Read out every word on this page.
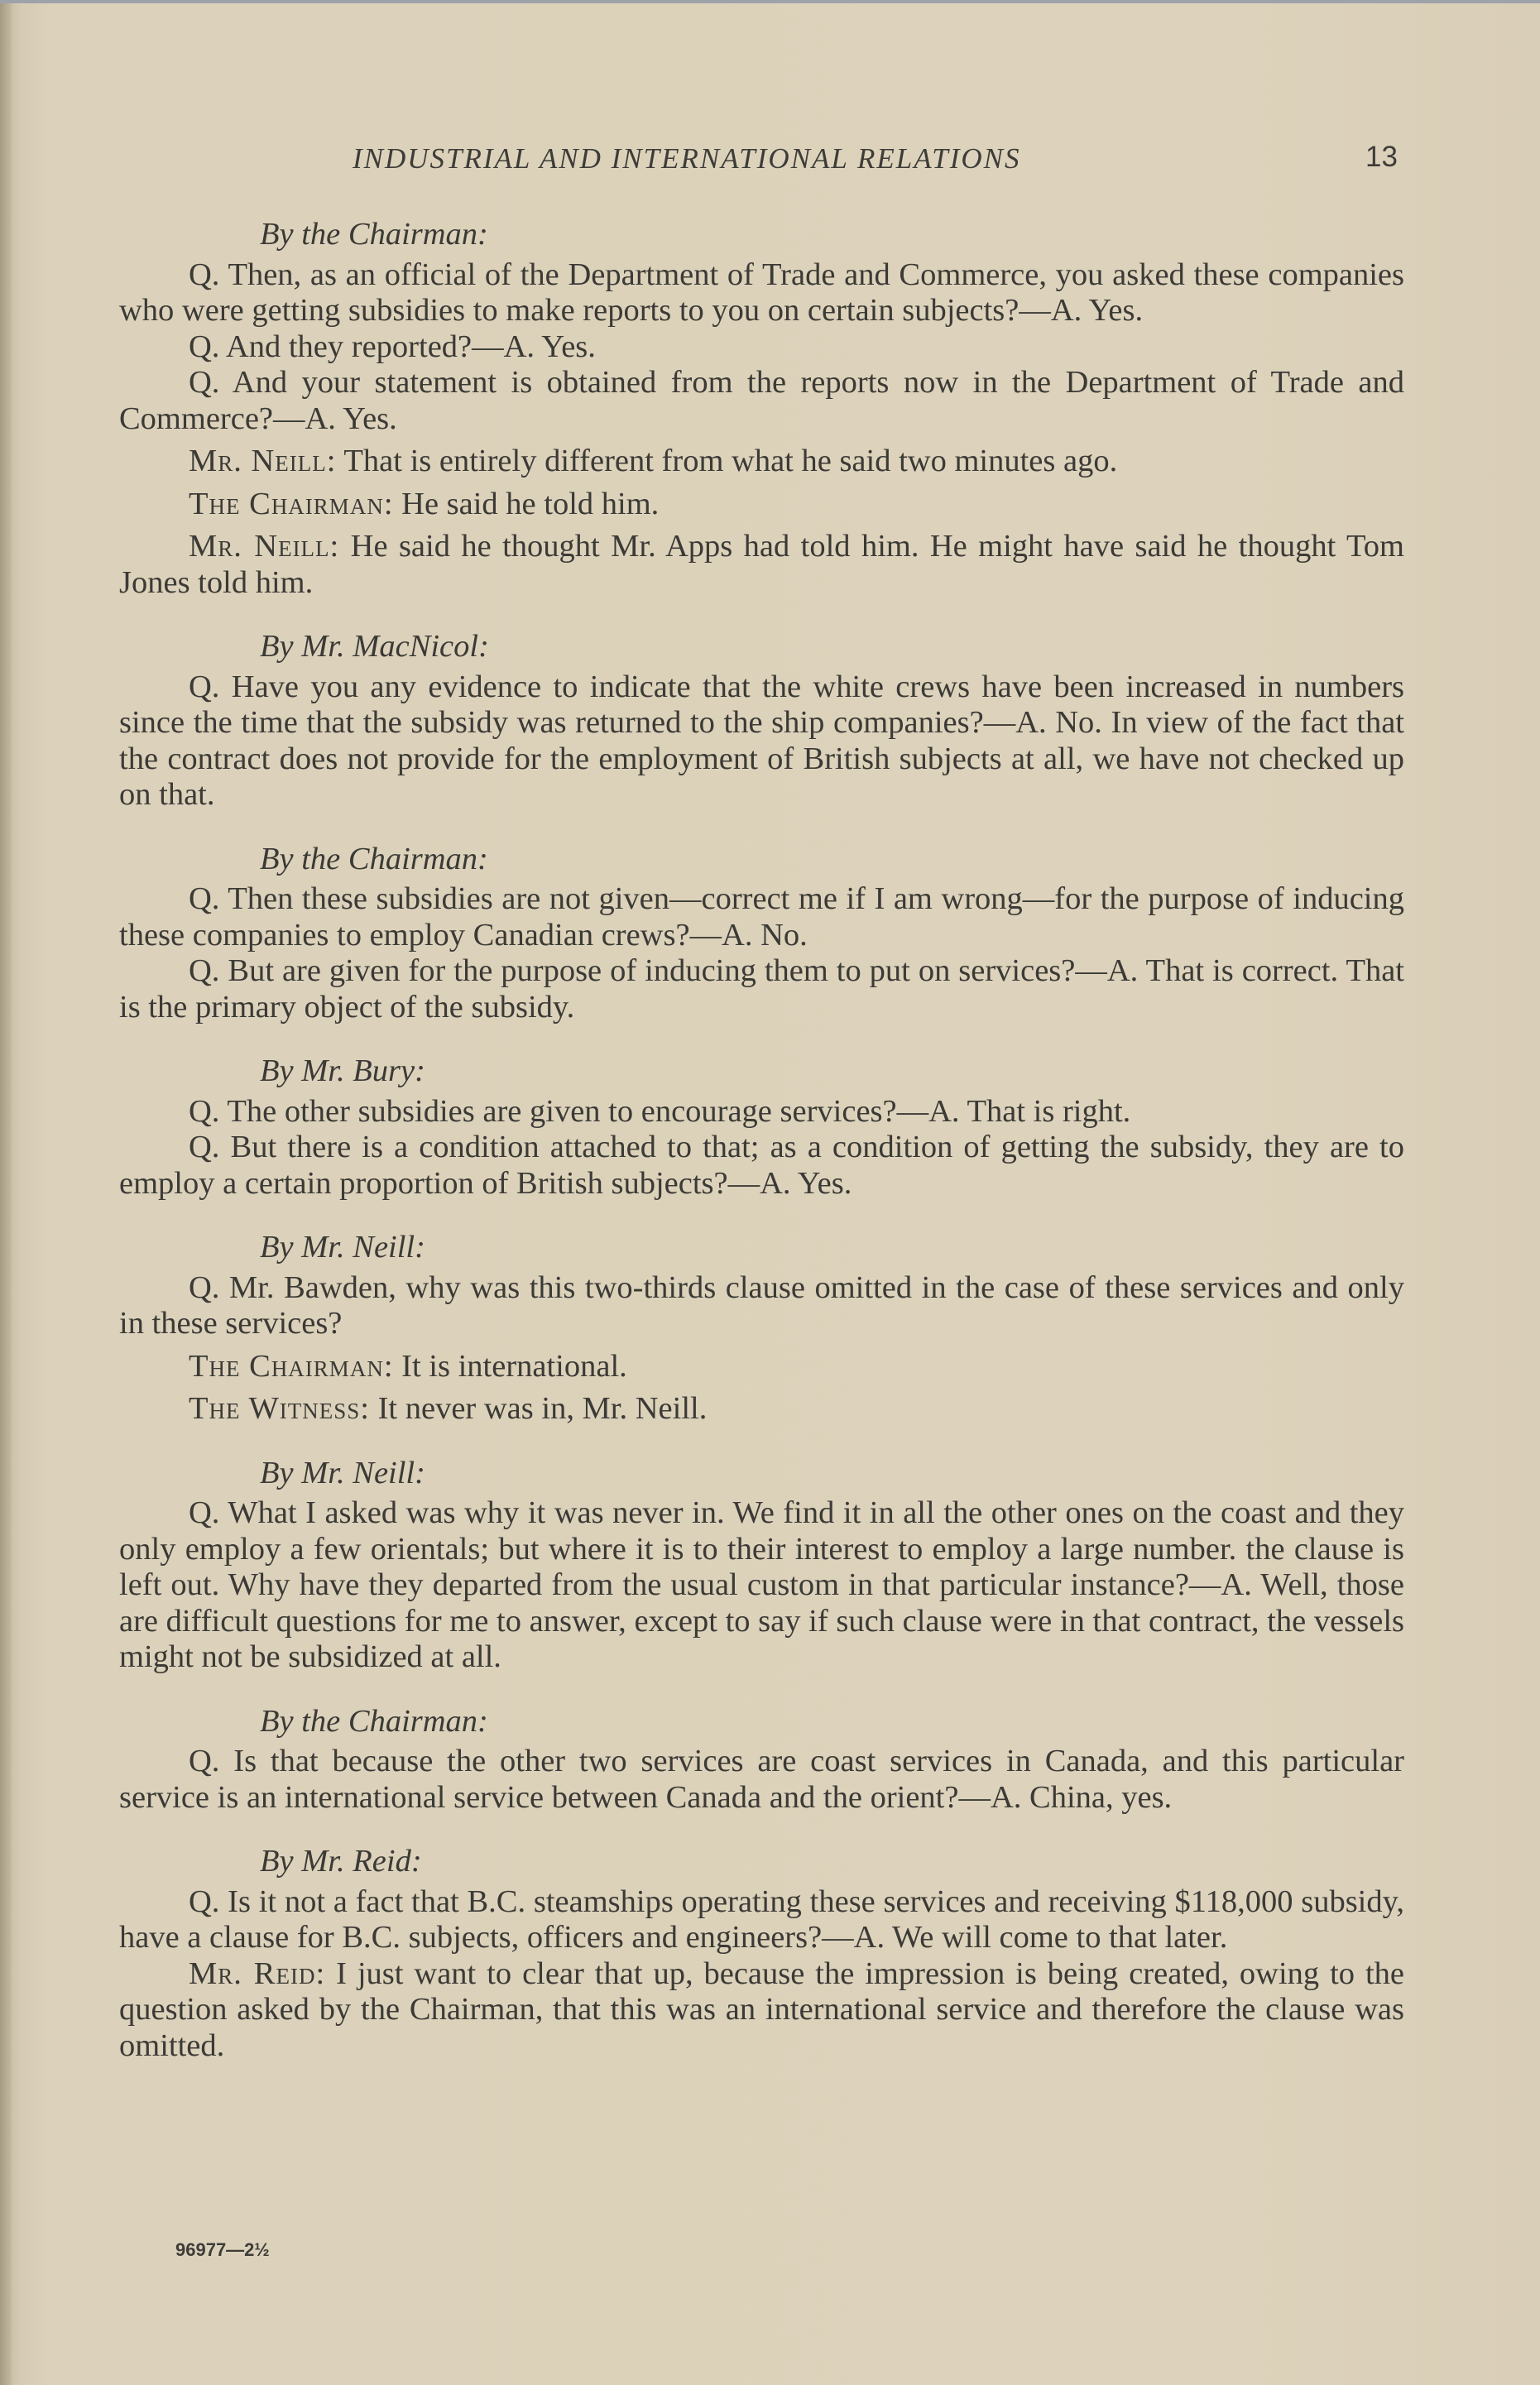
INDUSTRIAL AND INTERNATIONAL RELATIONS	13
By the Chairman:

Q. Then, as an official of the Department of Trade and Commerce, you asked these companies who were getting subsidies to make reports to you on certain subjects?—A. Yes.

Q. And they reported?—A. Yes.

Q. And your statement is obtained from the reports now in the Department of Trade and Commerce?—A. Yes.

Mr. Neill: That is entirely different from what he said two minutes ago.

The Chairman: He said he told him.

Mr. Neill: He said he thought Mr. Apps had told him. He might have said he thought Tom Jones told him.

By Mr. MacNicol:

Q. Have you any evidence to indicate that the white crews have been increased in numbers since the time that the subsidy was returned to the ship companies?—A. No. In view of the fact that the contract does not provide for the employment of British subjects at all, we have not checked up on that.

By the Chairman:

Q. Then these subsidies are not given—correct me if I am wrong—for the purpose of inducing these companies to employ Canadian crews?—A. No.

Q. But are given for the purpose of inducing them to put on services?—A. That is correct. That is the primary object of the subsidy.

By Mr. Bury:

Q. The other subsidies are given to encourage services?—A. That is right.

Q. But there is a condition attached to that; as a condition of getting the subsidy, they are to employ a certain proportion of British subjects?—A. Yes.

By Mr. Neill:

Q. Mr. Bawden, why was this two-thirds clause omitted in the case of these services and only in these services?

The Chairman: It is international.

The Witness: It never was in, Mr. Neill.

By Mr. Neill:

Q. What I asked was why it was never in. We find it in all the other ones on the coast and they only employ a few orientals; but where it is to their interest to employ a large number. the clause is left out. Why have they departed from the usual custom in that particular instance?—A. Well, those are difficult questions for me to answer, except to say if such clause were in that contract, the vessels might not be subsidized at all.

By the Chairman:

Q. Is that because the other two services are coast services in Canada, and this particular service is an international service between Canada and the orient?—A. China, yes.

By Mr. Reid:

Q. Is it not a fact that B.C. steamships operating these services and receiving $118,000 subsidy, have a clause for B.C. subjects, officers and engineers?—A. We will come to that later.

Mr. Reid: I just want to clear that up, because the impression is being created, owing to the question asked by the Chairman, that this was an international service and therefore the clause was omitted.

96977—2½
